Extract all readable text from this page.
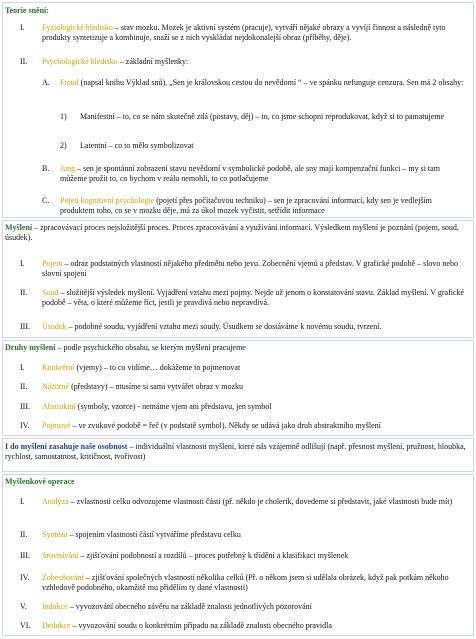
Teorie snění:
I. Fyziologické hledisko – stav mozku. Mozek je aktivní systém (pracuje), vytváří nějaké obrazy a vyvíjí činnost a následně tyto produkty syntetizuje a kombinuje, snaží se z nich vyskládat nejdokonalejší obraz (příběhy, děje).
II. Psychologické hledisko – základní myšlenky:
A. Freud (napsal knihu Výklad snů). „Sen je královskou cestou do nevědomí “ – ve spánku nefunguje cenzura. Sen má 2 obsahy:
1) Manifestní – to, co se nám skutečně zdá (postavy, děj) – to, co jsme schopni reprodukovat, když si to pamatujeme
2) Latentní – co to mělo symbolizovat
B. Jung – sen je spontánní zobrazení stavu nevědomí v symbolické podobě, ale sny mají kompenzační funkci – my si tam můžeme prožít to, co bychom v reálu nemohli, to co potlačujeme
C. Pojetí kognitivní psychologie (pojetí přes počítačovou techniku) – sen je zpracování informací, kdy sen je vedlejším produktem toho, co se v mozku děje, má za úkol mozek vyčistit, setřídit informace
Myšlení – zpracovávací proces nejsložitější proces. Proces zpracovávání a využívání informací. Výsledkem myšlení je poznání (pojem, soud, úsudek).
I. Pojem – odraz podstatných vlastností nějakého předmětu nebo jevu. Zobecnění vjemů a představ. V grafické podobě – slovo nebo slovní spojení
II. Soud – složitější výsledek myšlení. Vyjádření vztahu mezi pojmy. Nejde už jenom o konstatování stavu. Základ myšlení. V grafické podobě – věta, o které můžeme říct, jestli je pravdivá nebo nepravdivá.
III. Úsudek – podobné soudu, vyjádření vztahu mezi soudy. Úsudkem se dostáváme k novému soudu, tvrzení.
Druhy myšlení – podle psychického obsahu, se kterým myšlení pracujeme
I. Konkrétní (vjemy) – to co vidíme… dokážeme to pojmenovat
II. Názorné (představy) – musíme si sami vytvářet obraz v mozku
III. Abstraktní (symboly, vzorce) - nemáme vjem ani představu, jen symbol
IV. Pojmové – ve zvukové podobě = řeč (v podstatě symbol). Někdy se udává jako druh abstraktního myšlení
I do myšlení zasahuje naše osobnost – individuální vlastnosti myšlení, které nás vzájemně odlišují (např. přesnost myšlení, pružnost, hloubka, rychlost, samostatnost, kritičnost, tvořivost)
Myšlenkové operace
I. Analýza – zvlastnosti celku odvozujeme vlastnosti částí (př. někdo je cholerik, dovedeme si představit, jaké vlastnosti bude mít)
II. Syntéza – spojením vlastností částí vytváříme představu celku
III. Srovnávání – zjišťování podobností a rozdílů – proces potřebný k třídění a klasifikaci myšlenek
IV. Zobecňování – zjišťování společných vlastností několika celků (Př. o někom jsem si udělala obrázek, když pak potkám někoho vzhledově podobného, okamžitě mu přidělím ty dané vlastnosti)
V. Indukce – vyvozování obecného závěru na základě znalosti jednotlivých pozorování
VI. Dedukce – vyvozování soudu o konkrétním případu na základě znalosti obecného pravidla
